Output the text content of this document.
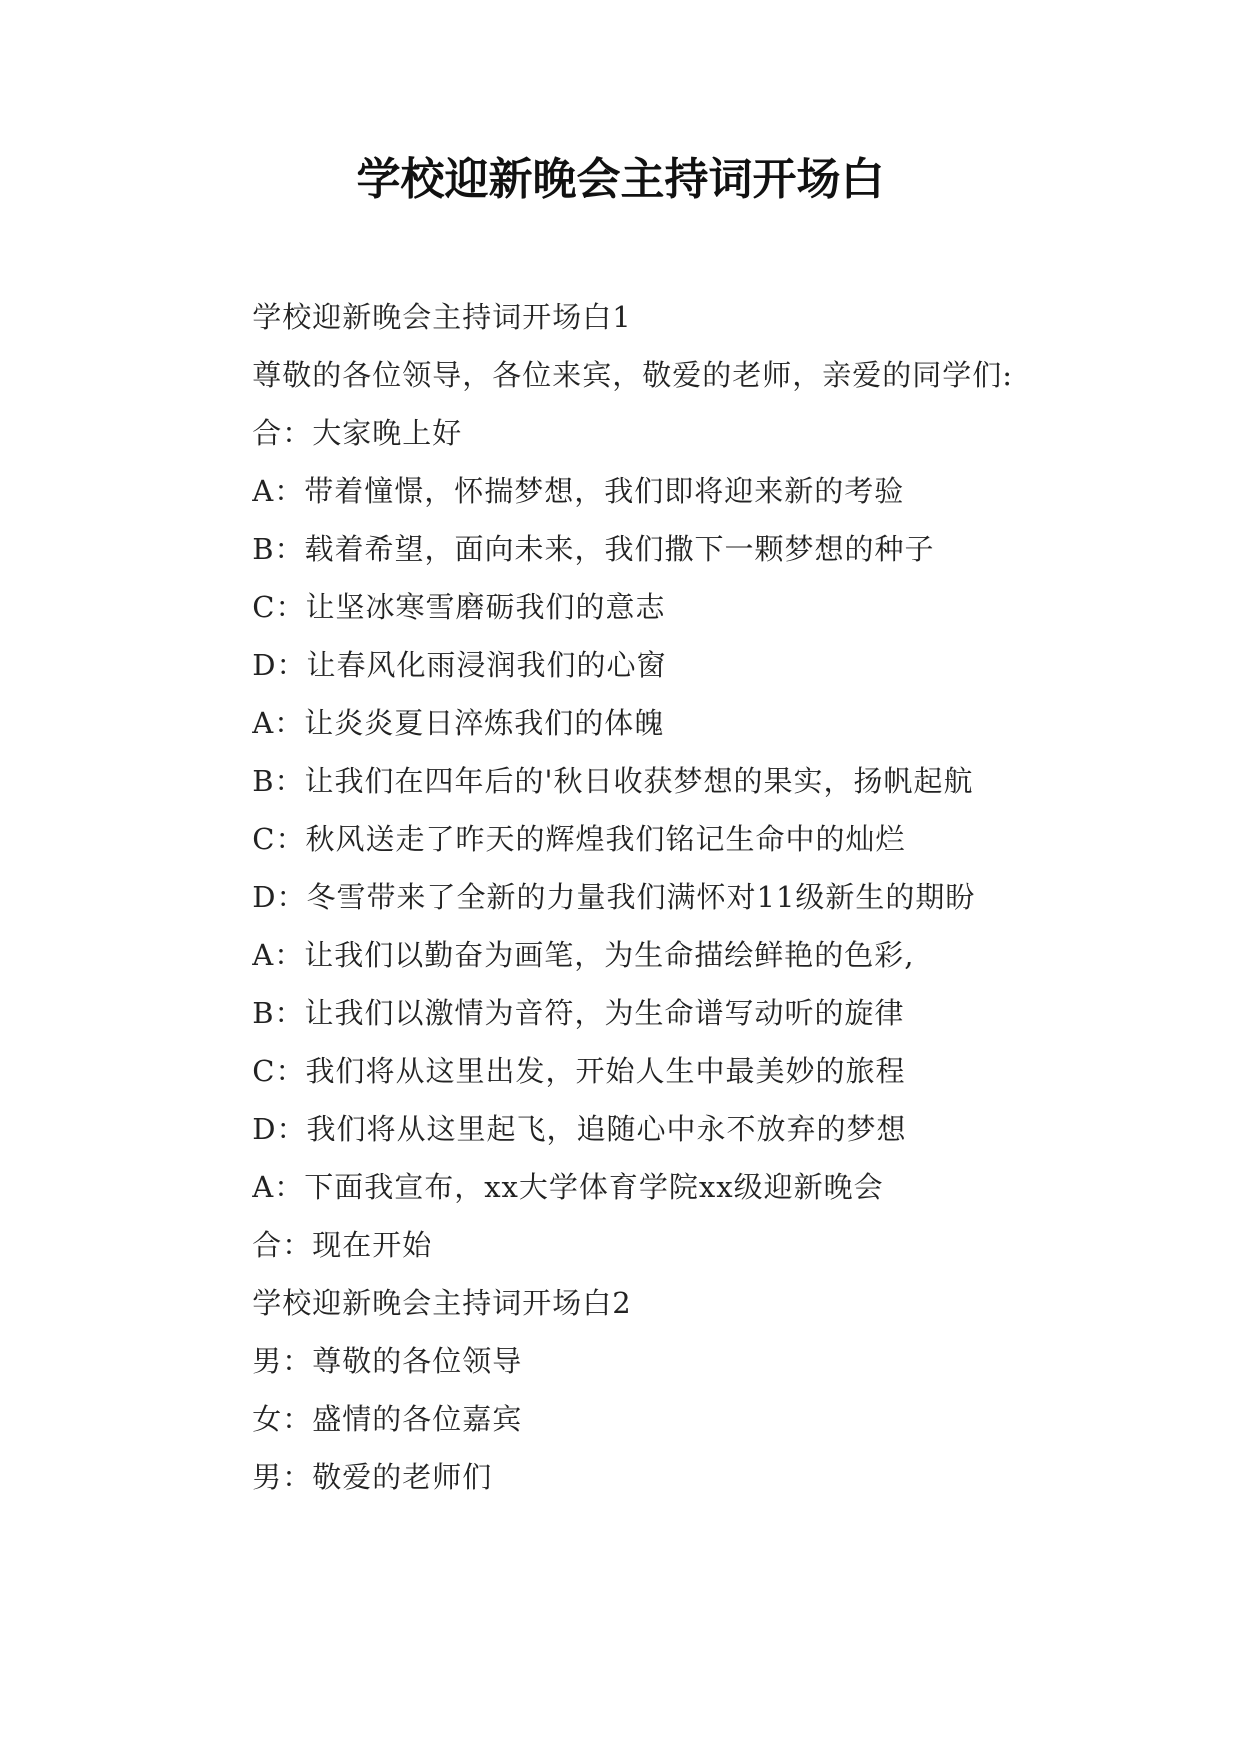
学校迎新晚会主持词开场白

学校迎新晚会主持词开场白1

尊敬的各位领导，各位来宾，敬爱的老师，亲爱的同学们:

合：大家晚上好

A：带着憧憬，怀揣梦想，我们即将迎来新的考验

B：载着希望，面向未来，我们撒下一颗梦想的种子

C：让坚冰寒雪磨砺我们的意志

D：让春风化雨浸润我们的心窗

A：让炎炎夏日淬炼我们的体魄

B：让我们在四年后的'秋日收获梦想的果实，扬帆起航

C：秋风送走了昨天的辉煌我们铭记生命中的灿烂

D：冬雪带来了全新的力量我们满怀对11级新生的期盼

A：让我们以勤奋为画笔，为生命描绘鲜艳的色彩,

B：让我们以激情为音符，为生命谱写动听的旋律

C：我们将从这里出发，开始人生中最美妙的旅程

D：我们将从这里起飞，追随心中永不放弃的梦想

A：下面我宣布，xx大学体育学院xx级迎新晚会

合：现在开始

学校迎新晚会主持词开场白2

男：尊敬的各位领导

女：盛情的各位嘉宾

男：敬爱的老师们
